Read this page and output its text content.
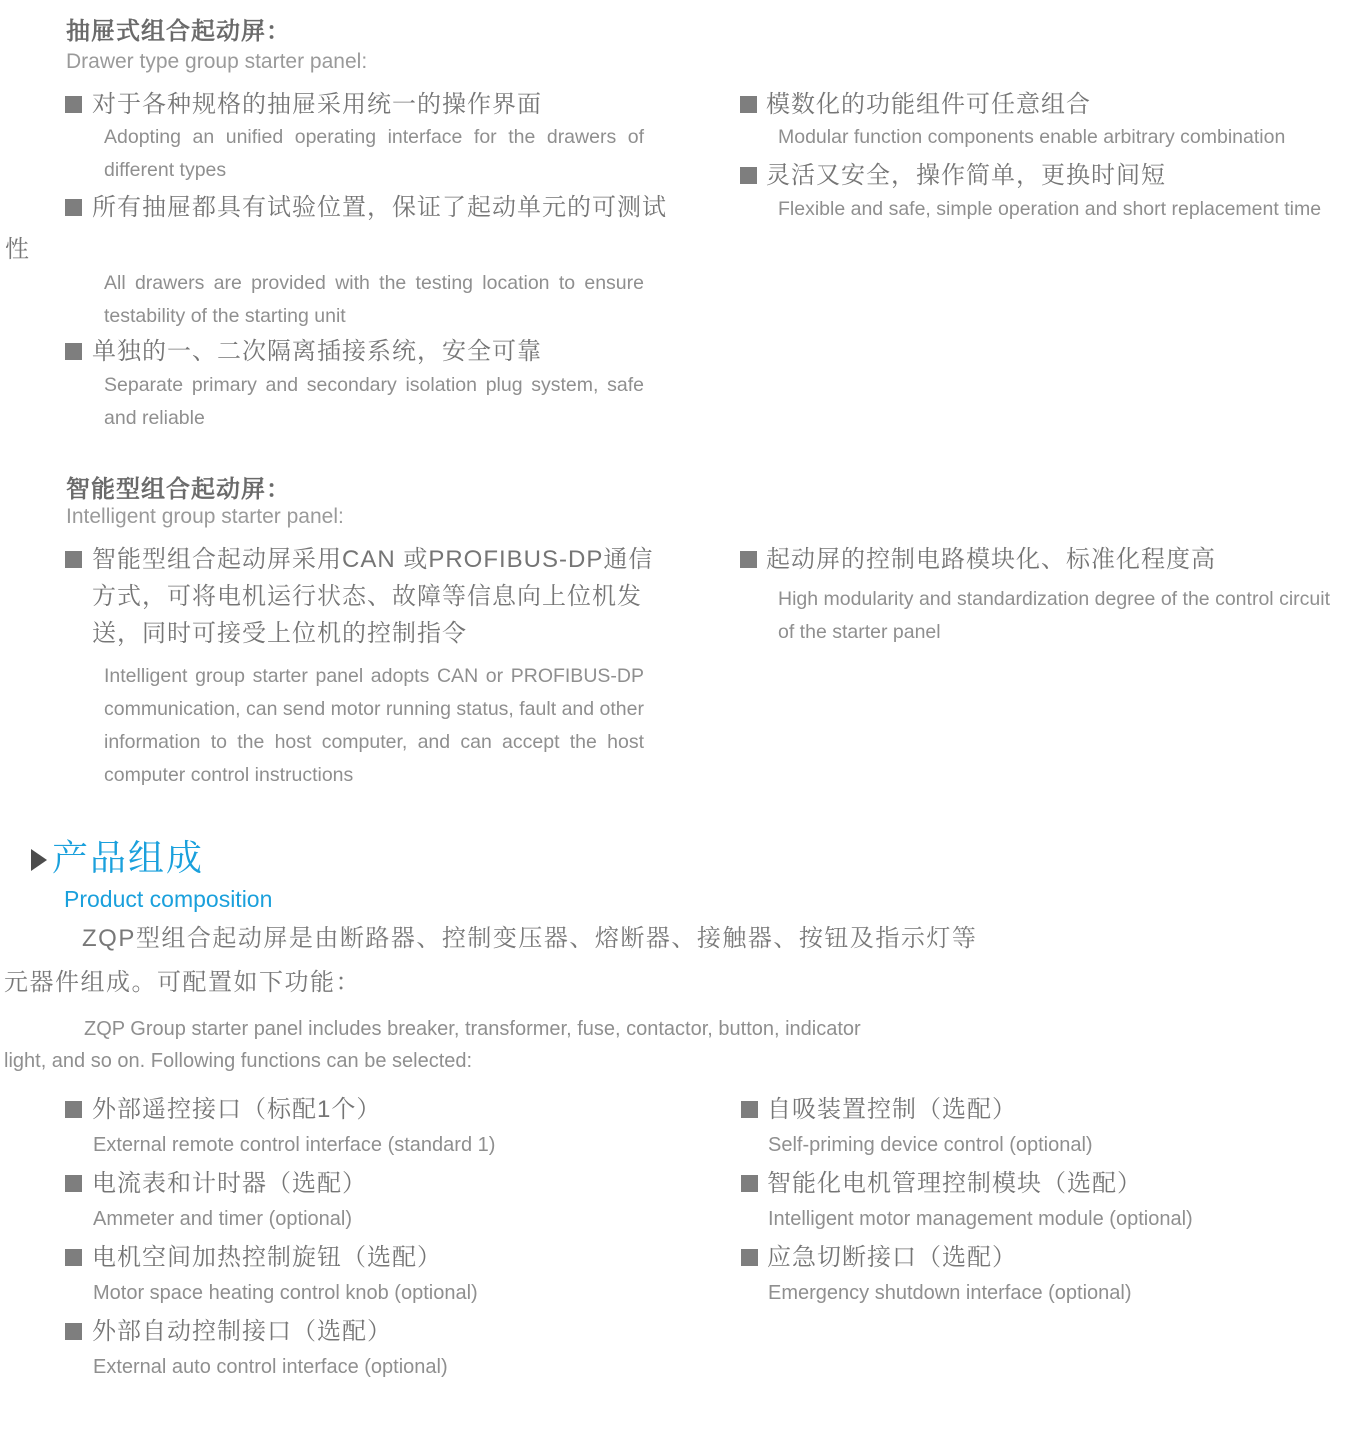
抽屉式组合起动屏：
Drawer type group starter panel:
对于各种规格的抽屉采用统一的操作界面
Adopting an unified operating interface for the drawers of different types
所有抽屉都具有试验位置，保证了起动单元的可测试
性
All drawers are provided with the testing location to ensure testability of the starting unit
单独的一、二次隔离插接系统，安全可靠
Separate primary and secondary isolation plug system, safe and reliable
模数化的功能组件可任意组合
Modular function components enable arbitrary combination
灵活又安全，操作简单，更换时间短
Flexible and safe, simple operation and short replacement time
智能型组合起动屏：
Intelligent group starter panel:
智能型组合起动屏采用CAN 或PROFIBUS-DP通信
方式，可将电机运行状态、故障等信息向上位机发
送，同时可接受上位机的控制指令
Intelligent group starter panel adopts CAN or PROFIBUS-DP communication, can send motor running status, fault and other information to the host computer, and can accept the host computer control instructions
起动屏的控制电路模块化、标准化程度高
High modularity and standardization degree of the control circuit of the starter panel
产品组成
Product composition
ZQP型组合起动屏是由断路器、控制变压器、熔断器、接触器、按钮及指示灯等
元器件组成。可配置如下功能：
ZQP Group starter panel includes breaker, transformer, fuse, contactor, button, indicator
light, and so on. Following functions can be selected:
外部遥控接口（标配1个）
External remote control interface (standard 1)
电流表和计时器（选配）
Ammeter and timer (optional)
电机空间加热控制旋钮（选配）
Motor space heating control knob (optional)
外部自动控制接口（选配）
External auto control interface (optional)
自吸装置控制（选配）
Self-priming device control (optional)
智能化电机管理控制模块（选配）
Intelligent motor management module (optional)
应急切断接口（选配）
Emergency shutdown interface (optional)
